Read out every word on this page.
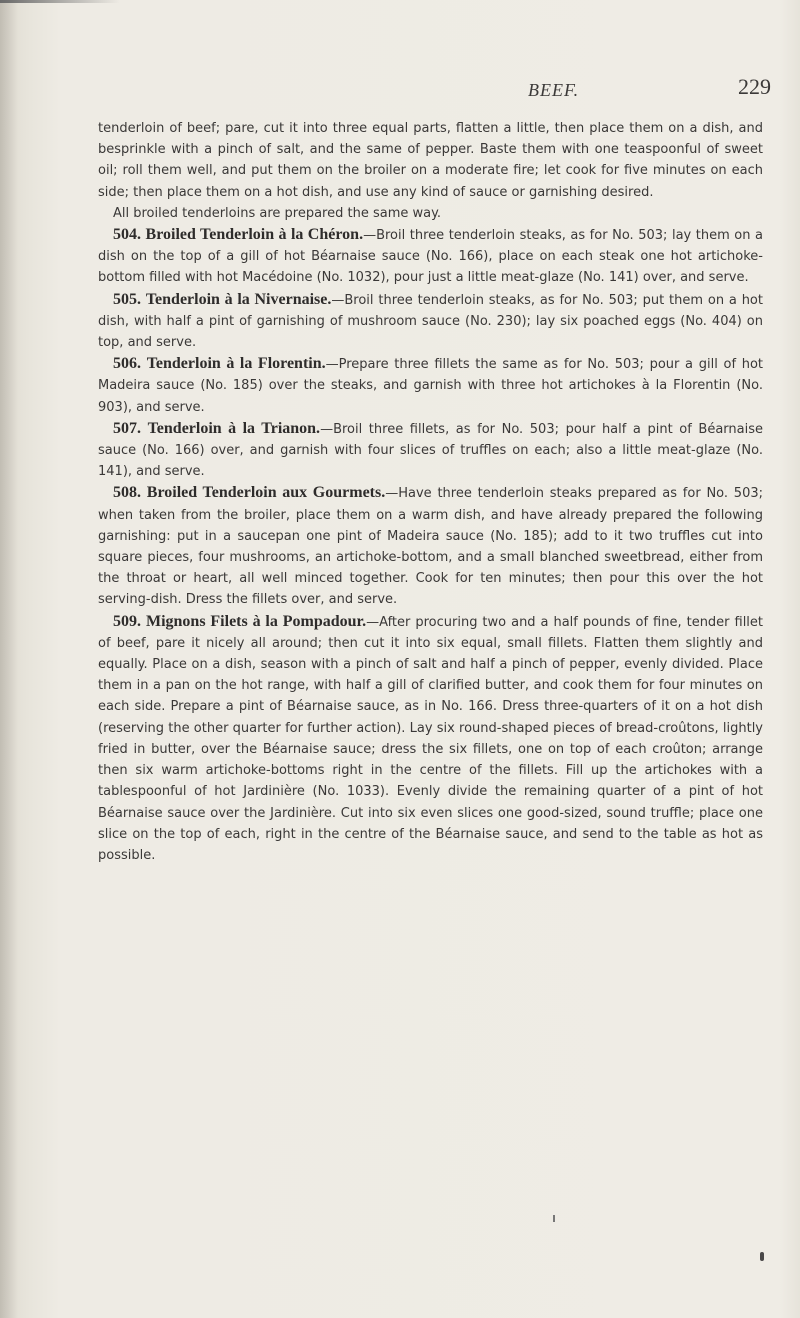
BEEF.	229

tenderloin of beef; pare, cut it into three equal parts, flatten a little, then place them on a dish, and besprinkle with a pinch of salt, and the same of pepper. Baste them with one teaspoonful of sweet oil; roll them well, and put them on the broiler on a moderate fire; let cook for five minutes on each side; then place them on a hot dish, and use any kind of sauce or garnishing desired.

All broiled tenderloins are prepared the same way.

504. Broiled Tenderloin à la Chéron.—Broil three tenderloin steaks, as for No. 503; lay them on a dish on the top of a gill of hot Béarnaise sauce (No. 166), place on each steak one hot artichoke-bottom filled with hot Macédoine (No. 1032), pour just a little meat-glaze (No. 141) over, and serve.

505. Tenderloin à la Nivernaise.—Broil three tenderloin steaks, as for No. 503; put them on a hot dish, with half a pint of garnishing of mushroom sauce (No. 230); lay six poached eggs (No. 404) on top, and serve.

506. Tenderloin à la Florentin.—Prepare three fillets the same as for No. 503; pour a gill of hot Madeira sauce (No. 185) over the steaks, and garnish with three hot artichokes à la Florentin (No. 903), and serve.

507. Tenderloin à la Trianon.—Broil three fillets, as for No. 503; pour half a pint of Béarnaise sauce (No. 166) over, and garnish with four slices of truffles on each; also a little meat-glaze (No. 141), and serve.

508. Broiled Tenderloin aux Gourmets.—Have three tenderloin steaks prepared as for No. 503; when taken from the broiler, place them on a warm dish, and have already prepared the following garnishing: put in a saucepan one pint of Madeira sauce (No. 185); add to it two truffles cut into square pieces, four mushrooms, an artichoke-bottom, and a small blanched sweetbread, either from the throat or heart, all well minced together. Cook for ten minutes; then pour this over the hot serving-dish. Dress the fillets over, and serve.

509. Mignons Filets à la Pompadour.—After procuring two and a half pounds of fine, tender fillet of beef, pare it nicely all around; then cut it into six equal, small fillets. Flatten them slightly and equally. Place on a dish, season with a pinch of salt and half a pinch of pepper, evenly divided. Place them in a pan on the hot range, with half a gill of clarified butter, and cook them for four minutes on each side. Prepare a pint of Béarnaise sauce, as in No. 166. Dress three-quarters of it on a hot dish (reserving the other quarter for further action). Lay six round-shaped pieces of bread-croûtons, lightly fried in butter, over the Béarnaise sauce; dress the six fillets, one on top of each croûton; arrange then six warm artichoke-bottoms right in the centre of the fillets. Fill up the artichokes with a tablespoonful of hot Jardinière (No. 1033). Evenly divide the remaining quarter of a pint of hot Béarnaise sauce over the Jardinière. Cut into six even slices one good-sized, sound truffle; place one slice on the top of each, right in the centre of the Béarnaise sauce, and send to the table as hot as possible.
